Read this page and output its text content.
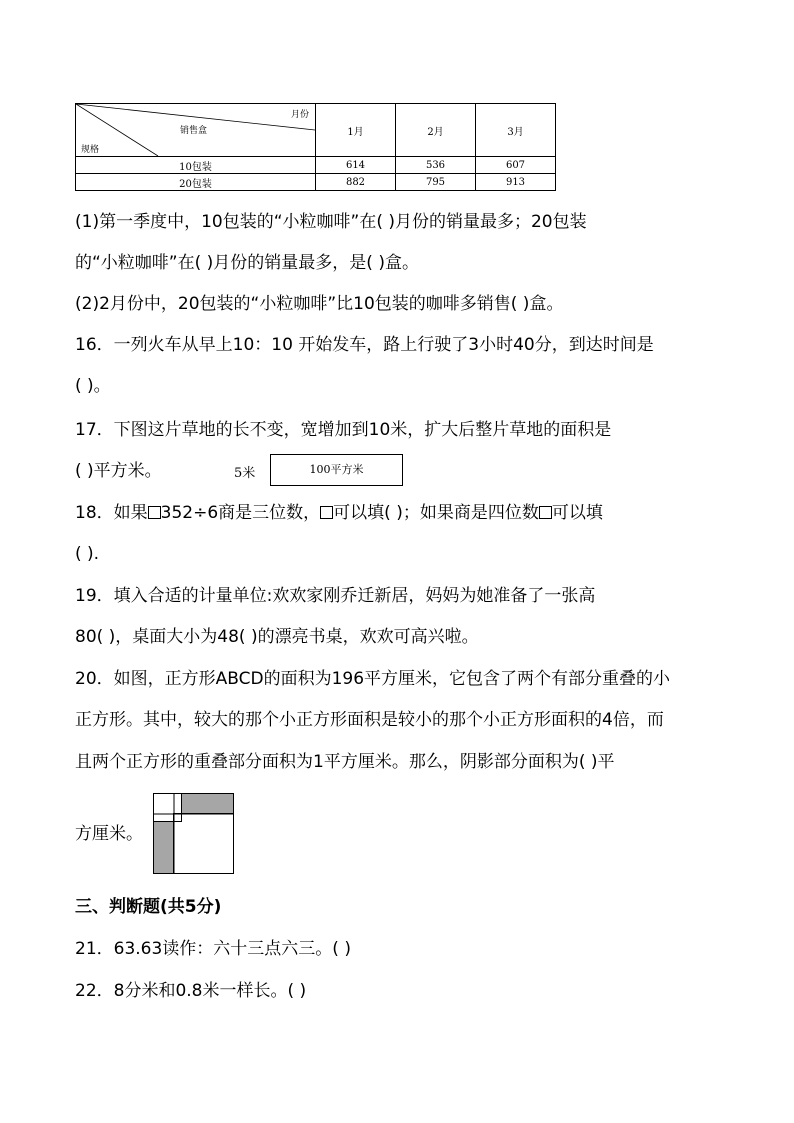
月份
销售盒
规格	1月	2月	3月
10包装	614	536	607
20包装	882	795	913
(1)第一季度中，10包装的“小粒咖啡”在( )月份的销量最多；20包装
的“小粒咖啡”在( )月份的销量最多，是( )盒。
(2)2月份中，20包装的“小粒咖啡”比10包装的咖啡多销售( )盒。
16．一列火车从早上10：10 开始发车，路上行驶了3小时40分，到达时间是
( )。
17．下图这片草地的长不变，宽增加到10米，扩大后整片草地的面积是
( )平方米。	5米	100平方米
18．如果 352÷6商是三位数， 可以填( )；如果商是四位数 可以填
( ).
19．填入合适的计量单位:欢欢家刚乔迁新居，妈妈为她准备了一张高
80( )，桌面大小为48( )的漂亮书桌，欢欢可高兴啦。
20．如图，正方形ABCD的面积为196平方厘米，它包含了两个有部分重叠的小
正方形。其中，较大的那个小正方形面积是较小的那个小正方形面积的4倍，而
且两个正方形的重叠部分面积为1平方厘米。那么，阴影部分面积为( )平
方厘米。
三、判断题(共5分)
21．63.63读作：六十三点六三。( )
22．8分米和0.8米一样长。( )
